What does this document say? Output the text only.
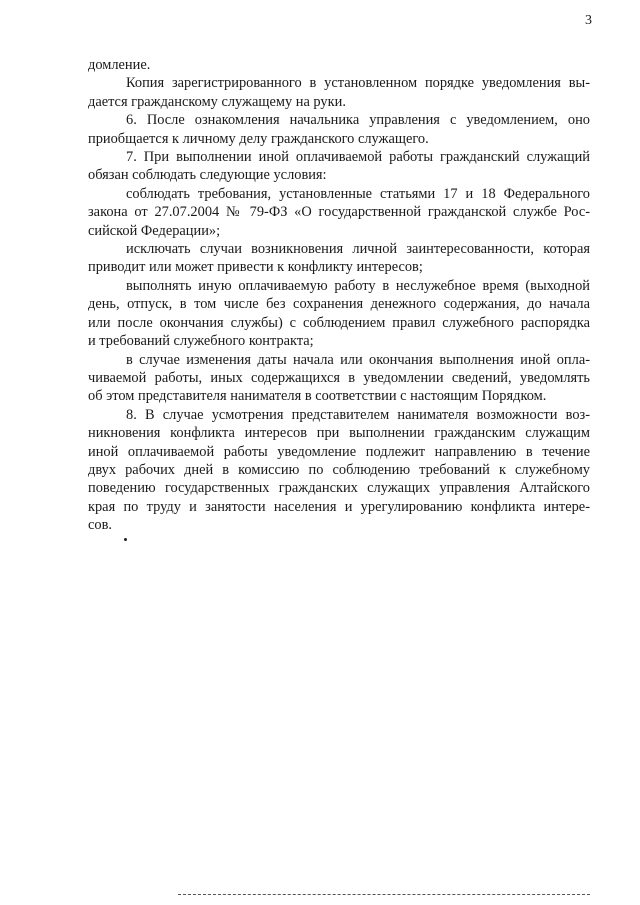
3
домление.
Копия зарегистрированного в установленном порядке уведомления вы-
дается гражданскому служащему на руки.
6. После ознакомления начальника управления с уведомлением, оно
приобщается к личному делу гражданского служащего.
7. При выполнении иной оплачиваемой работы гражданский служащий
обязан соблюдать следующие условия:
соблюдать требования, установленные статьями 17 и 18 Федерального
закона от 27.07.2004 № 79-ФЗ «О государственной гражданской службе Рос-
сийской Федерации»;
исключать случаи возникновения личной заинтересованности, которая
приводит или может привести к конфликту интересов;
выполнять иную оплачиваемую работу в неслужебное время (выходной
день, отпуск, в том числе без сохранения денежного содержания, до начала
или после окончания службы) с соблюдением правил служебного распорядка
и требований служебного контракта;
в случае изменения даты начала или окончания выполнения иной опла-
чиваемой работы, иных содержащихся в уведомлении сведений, уведомлять
об этом представителя нанимателя в соответствии с настоящим Порядком.
8. В случае усмотрения представителем нанимателя возможности воз-
никновения конфликта интересов при выполнении гражданским служащим
иной оплачиваемой работы уведомление подлежит направлению в течение
двух рабочих дней в комиссию по соблюдению требований к служебному
поведению государственных гражданских служащих управления Алтайского
края по труду и занятости населения и урегулированию конфликта интере-
сов.
